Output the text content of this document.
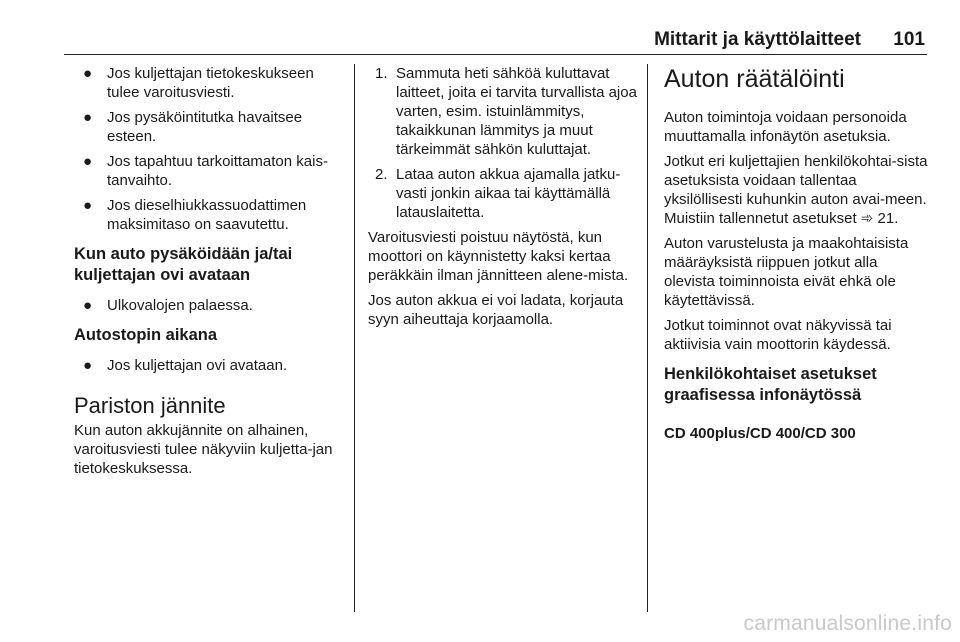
Mittarit ja käyttölaitteet 101
● Jos kuljettajan tietokeskukseen tulee varoitusviesti.
● Jos pysäköintitutka havaitsee esteen.
● Jos tapahtuu tarkoittamaton kais-tanvaihto.
● Jos dieselhiukkassuodattimen maksimitaso on saavutettu.
Kun auto pysäköidään ja/tai kuljettajan ovi avataan
● Ulkovalojen palaessa.
Autostopin aikana
● Jos kuljettajan ovi avataan.
Pariston jännite

Kun auton akkujännite on alhainen, varoitusviesti tulee näkyviin kuljetta-jan tietokeskuksessa.

1. Sammuta heti sähköä kuluttavat laitteet, joita ei tarvita turvallista ajoa varten, esim. istuinlämmitys, takaikkunan lämmitys ja muut tärkeimmät sähkön kuluttajat.
2. Lataa auton akkua ajamalla jatku-vasti jonkin aikaa tai käyttämällä latauslaitetta.

Varoitusviesti poistuu näytöstä, kun moottori on käynnistetty kaksi kertaa peräkkäin ilman jännitteen alene-mista.

Jos auton akkua ei voi ladata, korjauta syyn aiheuttaja korjaamolla.

Auton räätälöinti

Auton toimintoja voidaan personoida muuttamalla infonäytön asetuksia.

Jotkut eri kuljettajien henkilökohtai-sista asetuksista voidaan tallentaa yksilöllisesti kuhunkin auton avai-meen. Muistiin tallennetut asetukset ➾ 21.

Auton varustelusta ja maakohtaisista määräyksistä riippuen jotkut alla olevista toiminnoista eivät ehkä ole käytettävissä.

Jotkut toiminnot ovat näkyvissä tai aktiivisia vain moottorin käydessä.

Henkilökohtaiset asetukset graafisessa infonäytössä
CD 400plus/CD 400/CD 300
carmanualsonline.info
